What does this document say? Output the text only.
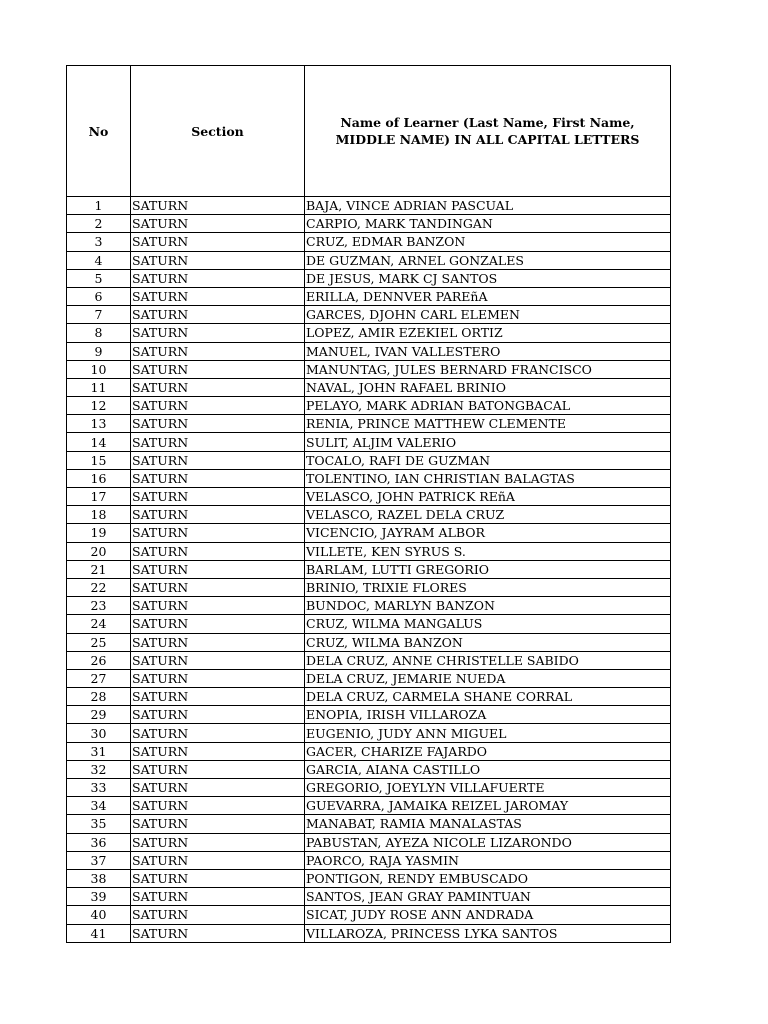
No	Section	Name of Learner (Last Name, First Name, MIDDLE NAME) IN ALL CAPITAL LETTERS
1	SATURN	BAJA, VINCE ADRIAN PASCUAL
2	SATURN	CARPIO, MARK TANDINGAN
3	SATURN	CRUZ, EDMAR BANZON
4	SATURN	DE GUZMAN, ARNEL GONZALES
5	SATURN	DE JESUS, MARK CJ SANTOS
6	SATURN	ERILLA, DENNVER PAREñA
7	SATURN	GARCES, DJOHN CARL ELEMEN
8	SATURN	LOPEZ, AMIR EZEKIEL ORTIZ
9	SATURN	MANUEL, IVAN VALLESTERO
10	SATURN	MANUNTAG, JULES BERNARD FRANCISCO
11	SATURN	NAVAL, JOHN RAFAEL BRINIO
12	SATURN	PELAYO, MARK ADRIAN BATONGBACAL
13	SATURN	RENIA, PRINCE MATTHEW CLEMENTE
14	SATURN	SULIT, ALJIM VALERIO
15	SATURN	TOCALO, RAFI DE GUZMAN
16	SATURN	TOLENTINO, IAN CHRISTIAN BALAGTAS
17	SATURN	VELASCO, JOHN PATRICK REñA
18	SATURN	VELASCO, RAZEL DELA CRUZ
19	SATURN	VICENCIO, JAYRAM ALBOR
20	SATURN	VILLETE, KEN SYRUS S.
21	SATURN	BARLAM, LUTTI GREGORIO
22	SATURN	BRINIO, TRIXIE FLORES
23	SATURN	BUNDOC, MARLYN BANZON
24	SATURN	CRUZ, WILMA MANGALUS
25	SATURN	CRUZ, WILMA BANZON
26	SATURN	DELA CRUZ, ANNE CHRISTELLE SABIDO
27	SATURN	DELA CRUZ, JEMARIE NUEDA
28	SATURN	DELA CRUZ, CARMELA SHANE CORRAL
29	SATURN	ENOPIA, IRISH VILLAROZA
30	SATURN	EUGENIO, JUDY ANN MIGUEL
31	SATURN	GACER, CHARIZE FAJARDO
32	SATURN	GARCIA, AIANA CASTILLO
33	SATURN	GREGORIO, JOEYLYN VILLAFUERTE
34	SATURN	GUEVARRA, JAMAIKA REIZEL JAROMAY
35	SATURN	MANABAT, RAMIA MANALASTAS
36	SATURN	PABUSTAN, AYEZA NICOLE LIZARONDO
37	SATURN	PAORCO, RAJA YASMIN
38	SATURN	PONTIGON, RENDY EMBUSCADO
39	SATURN	SANTOS, JEAN GRAY PAMINTUAN
40	SATURN	SICAT, JUDY ROSE ANN ANDRADA
41	SATURN	VILLAROZA, PRINCESS LYKA SANTOS
